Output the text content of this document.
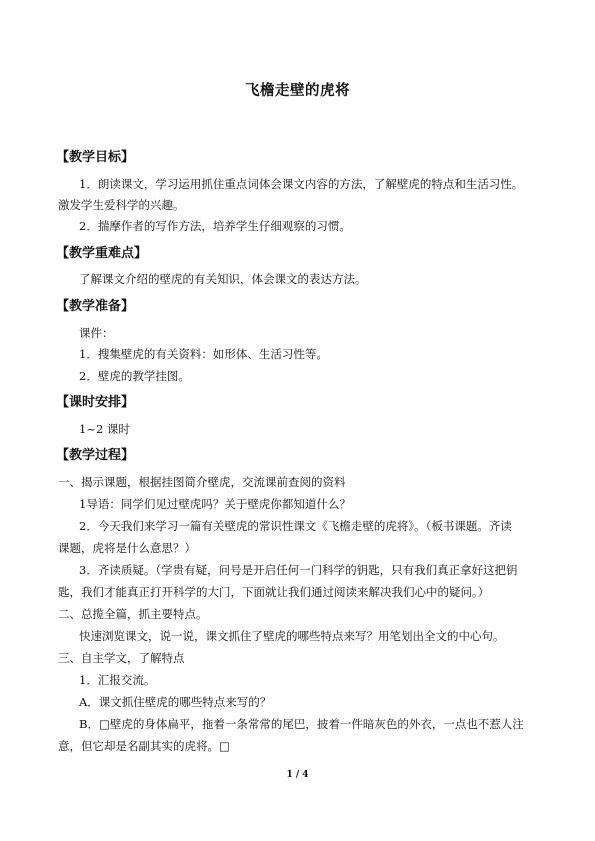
飞檐走壁的虎将
【教学目标】
1．朗读课文，学习运用抓住重点词体会课文内容的方法，了解壁虎的特点和生活习性。
激发学生爱科学的兴趣。
2．揣摩作者的写作方法，培养学生仔细观察的习惯。
【教学重难点】
了解课文介绍的壁虎的有关知识，体会课文的表达方法。
【教学准备】
课件：
1．搜集壁虎的有关资料：如形体、生活习性等。
2．壁虎的教学挂图。
【课时安排】
1~2 课时
【教学过程】
一、揭示课题，根据挂图简介壁虎，交流课前查阅的资料
1导语：同学们见过壁虎吗？关于壁虎你都知道什么？
2．今天我们来学习一篇有关壁虎的常识性课文《飞檐走壁的虎将》。（板书课题。齐读
课题，虎将是什么意思？）
3．齐读质疑。（学贵有疑，问号是开启任何一门科学的钥匙，只有我们真正拿好这把钥
匙，我们才能真正打开科学的大门，下面就让我们通过阅读来解决我们心中的疑问。）
二、总揽全篇，抓主要特点。
快速浏览课文，说一说，课文抓住了壁虎的哪些特点来写？用笔划出全文的中心句。
三、自主学文，了解特点
1．汇报交流。
A．课文抓住壁虎的哪些特点来写的？
B．□壁虎的身体扁平，拖着一条常常的尾巴，披着一件暗灰色的外衣，一点也不惹人注
意，但它却是名副其实的虎将。□
1 / 4
